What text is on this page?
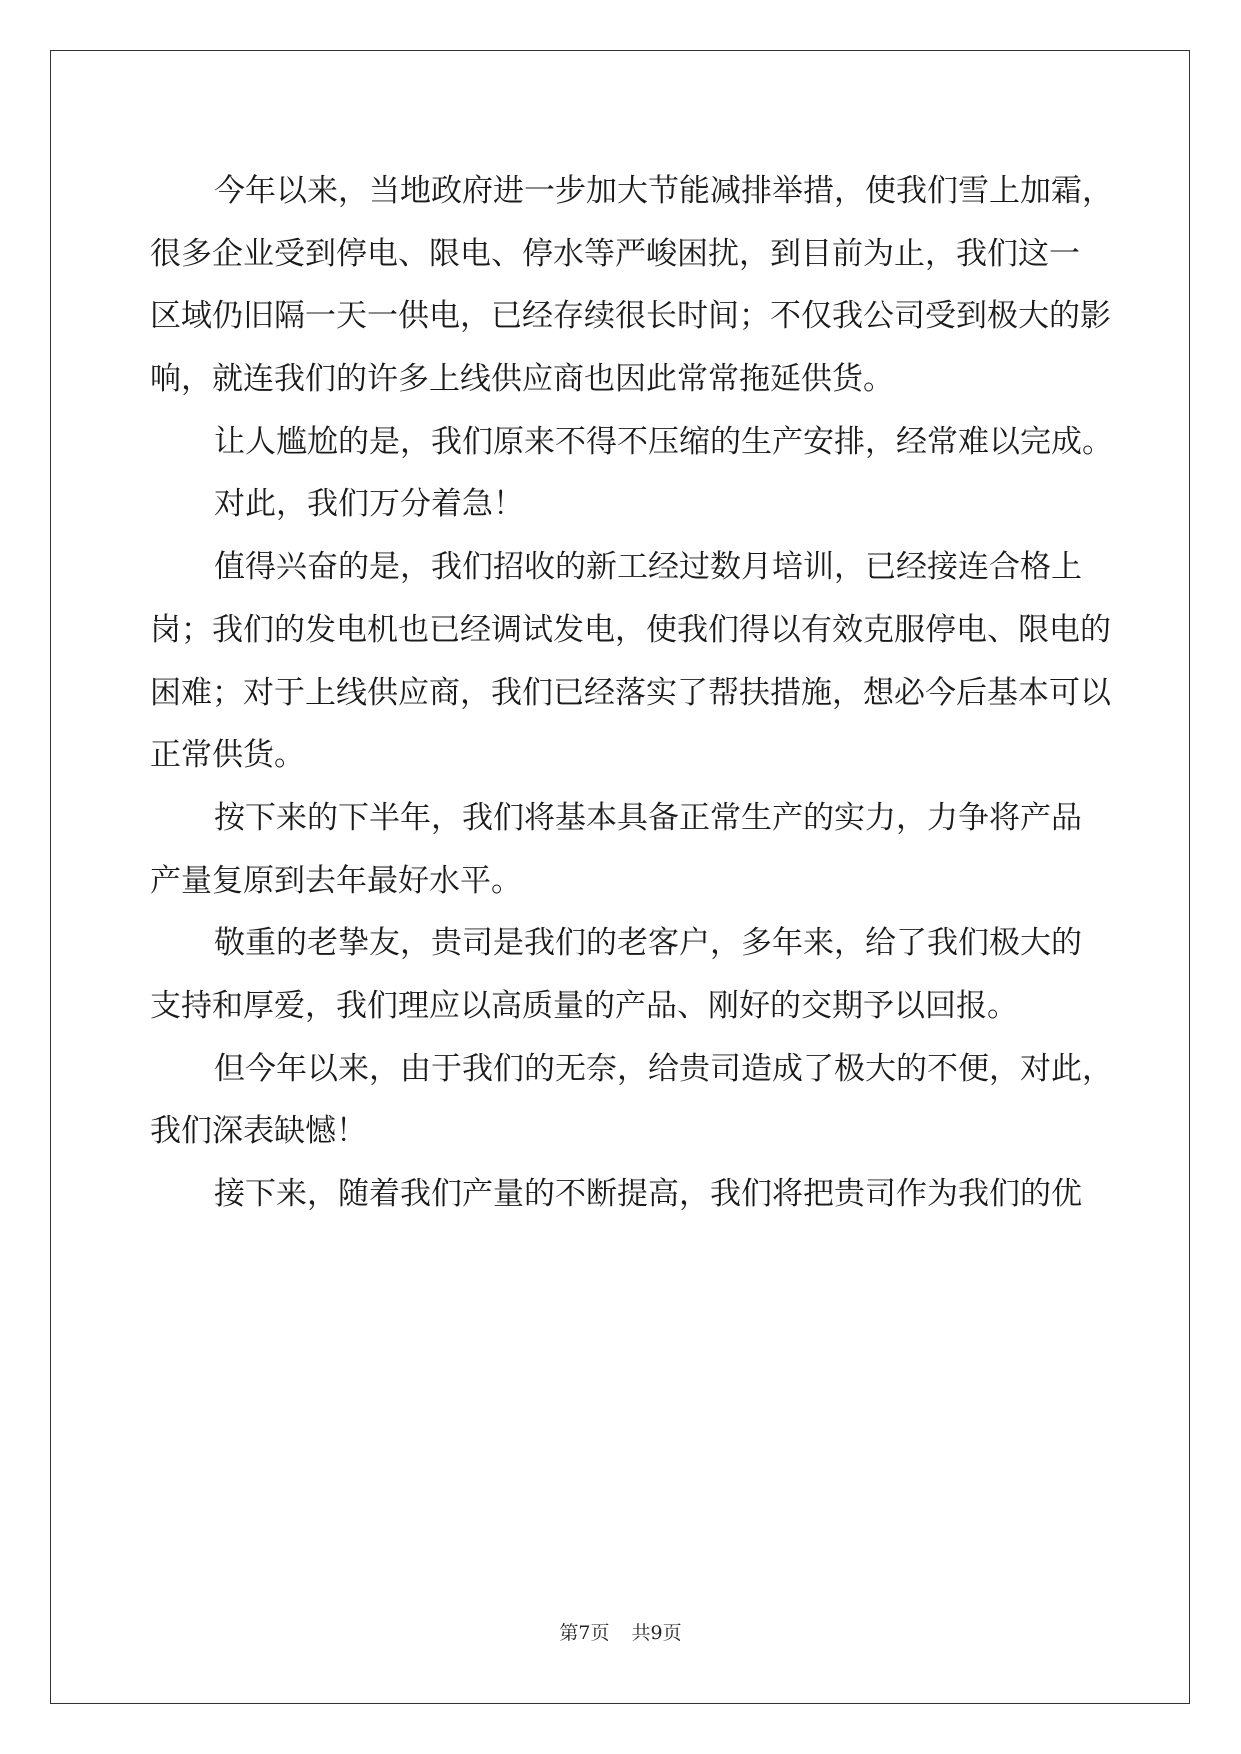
今年以来，当地政府进一步加大节能减排举措，使我们雪上加霜，
很多企业受到停电、限电、停水等严峻困扰，到目前为止，我们这一
区域仍旧隔一天一供电，已经存续很长时间；不仅我公司受到极大的影
响，就连我们的许多上线供应商也因此常常拖延供货。
让人尴尬的是，我们原来不得不压缩的生产安排，经常难以完成。
对此，我们万分着急！
值得兴奋的是，我们招收的新工经过数月培训，已经接连合格上
岗；我们的发电机也已经调试发电，使我们得以有效克服停电、限电的
困难；对于上线供应商，我们已经落实了帮扶措施，想必今后基本可以
正常供货。
按下来的下半年，我们将基本具备正常生产的实力，力争将产品
产量复原到去年最好水平。
敬重的老挚友，贵司是我们的老客户，多年来，给了我们极大的
支持和厚爱，我们理应以高质量的产品、刚好的交期予以回报。
但今年以来，由于我们的无奈，给贵司造成了极大的不便，对此，
我们深表缺憾！
接下来，随着我们产量的不断提高，我们将把贵司作为我们的优
第7页 共9页
